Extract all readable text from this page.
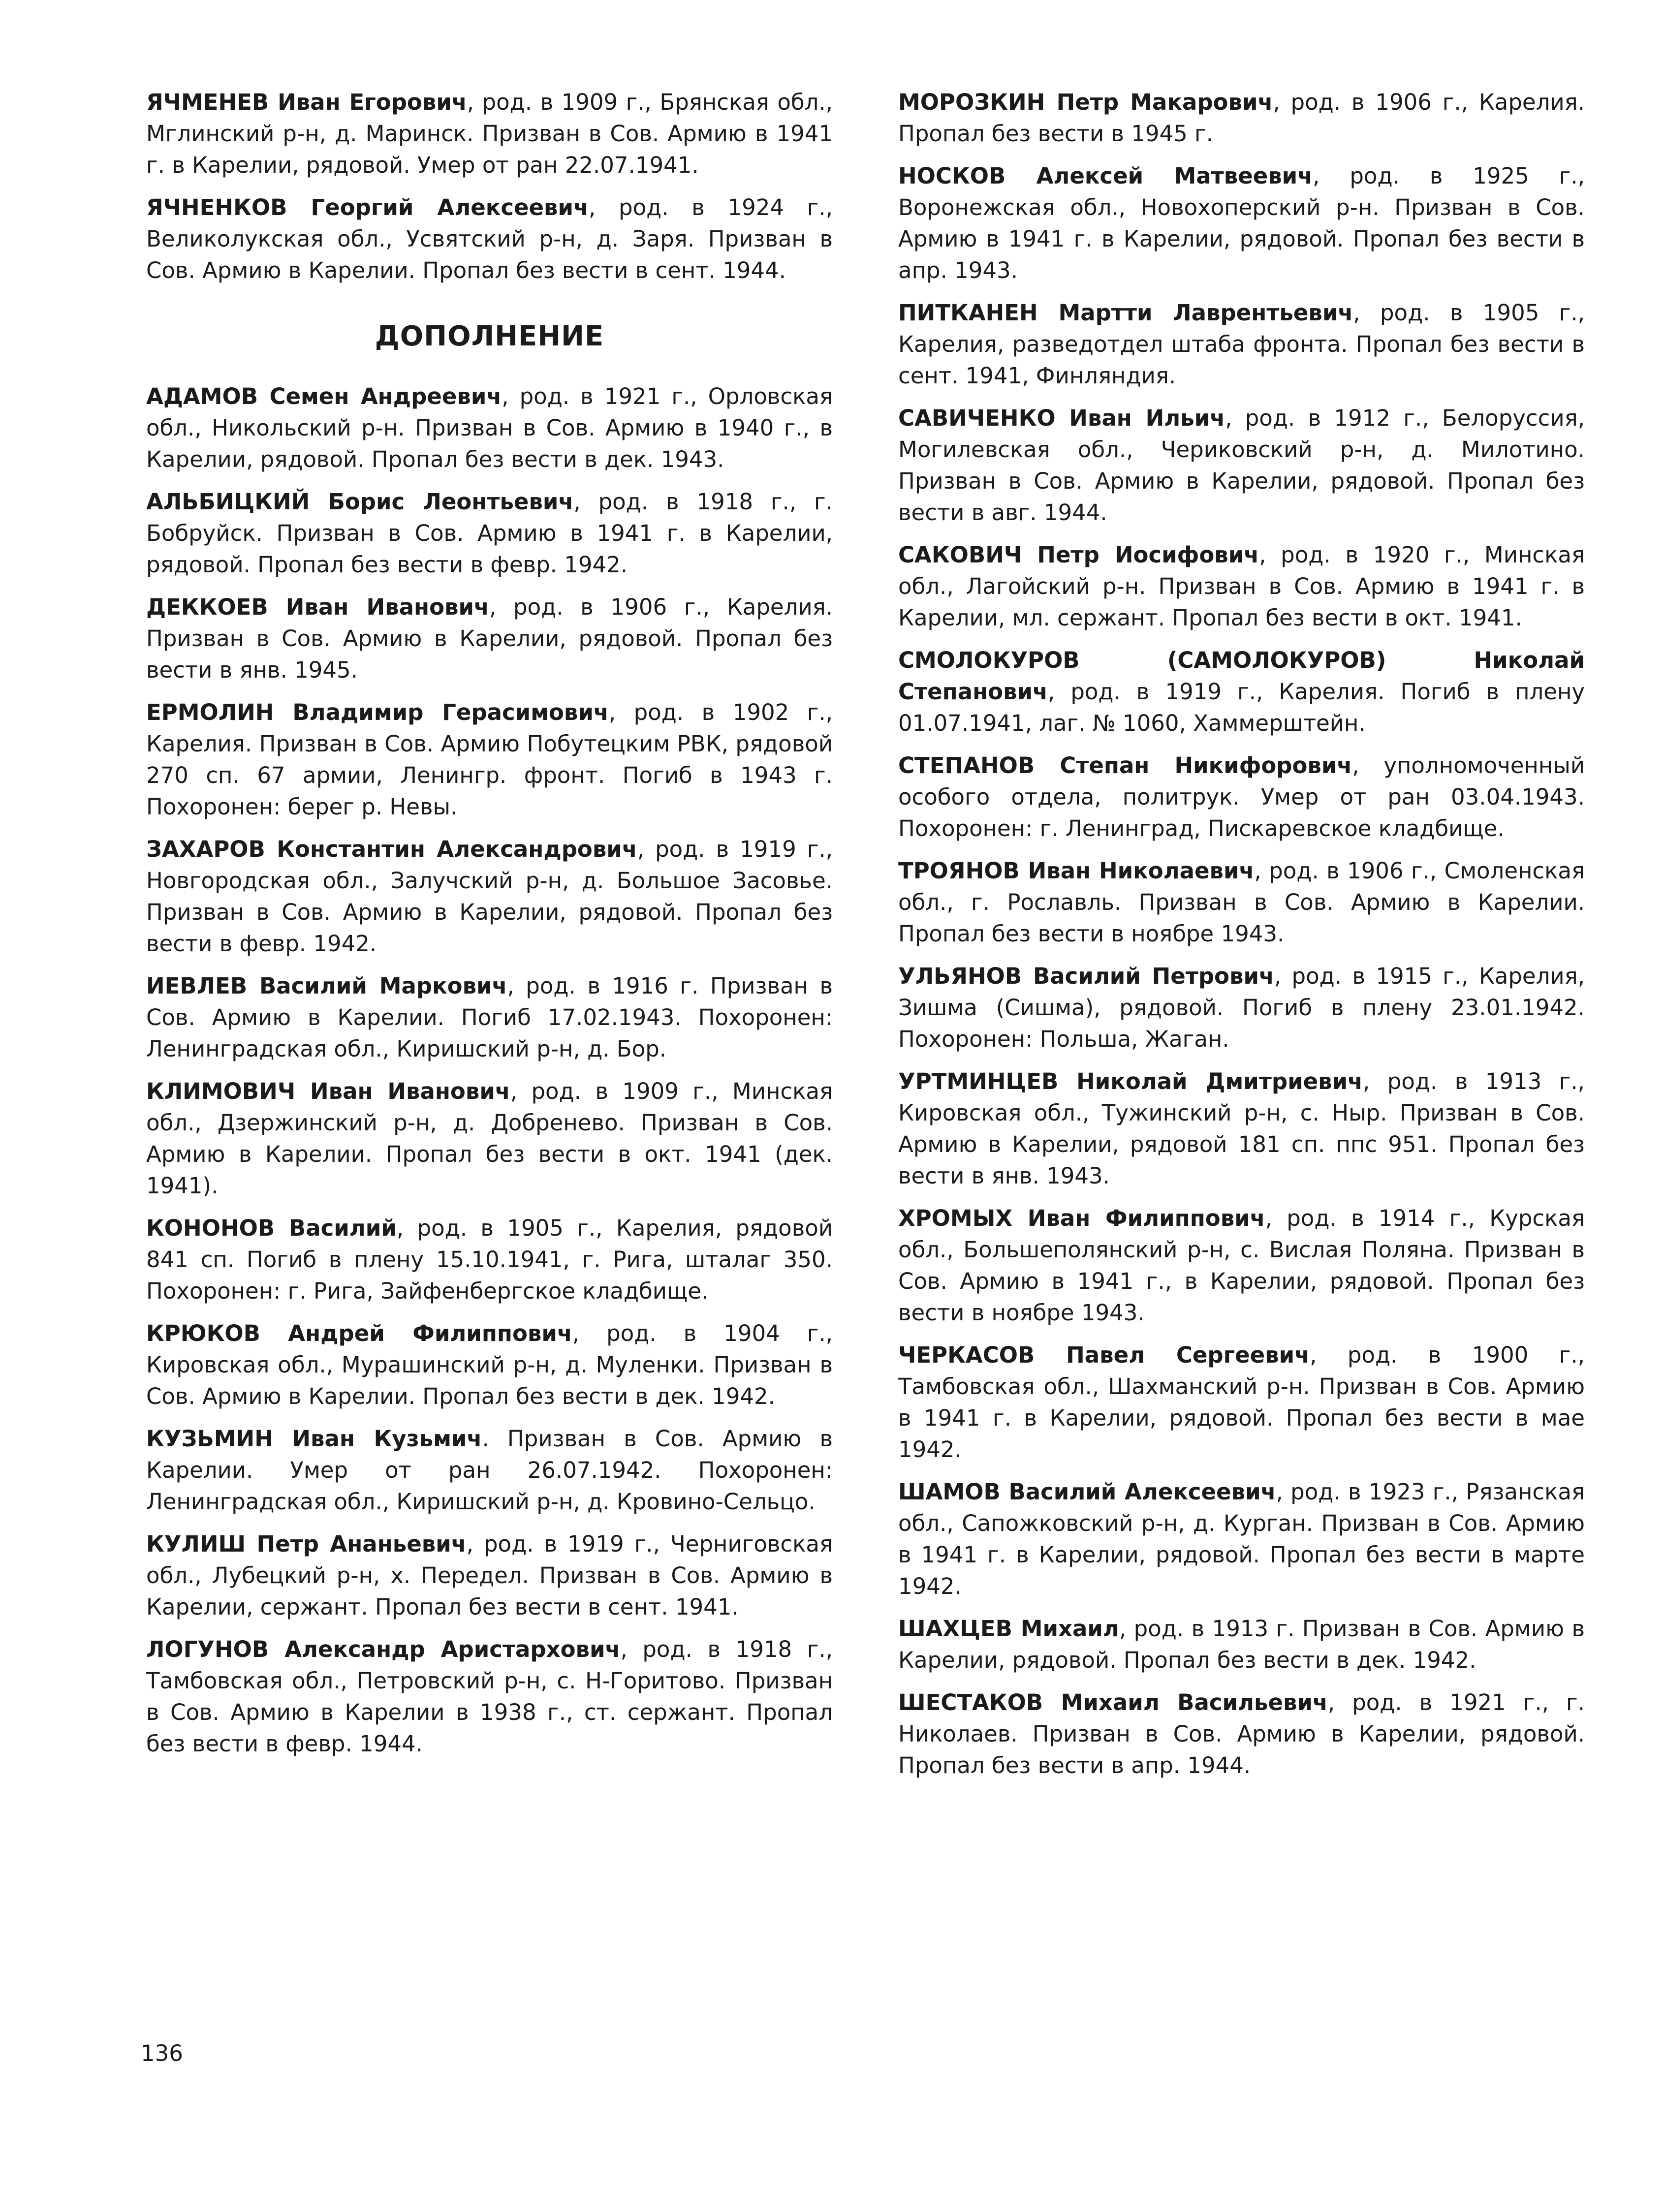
ЯЧМЕНЕВ Иван Егорович, род. в 1909 г., Брянская обл., Мглинский р-н, д. Маринск. Призван в Сов. Армию в 1941 г. в Карелии, рядовой. Умер от ран 22.07.1941.

ЯЧНЕНКОВ Георгий Алексеевич, род. в 1924 г., Великолукская обл., Усвятский р-н, д. Заря. Призван в Сов. Армию в Карелии. Пропал без вести в сент. 1944.

ДОПОЛНЕНИЕ

АДАМОВ Семен Андреевич, род. в 1921 г., Орловская обл., Никольский р-н. Призван в Сов. Армию в 1940 г., в Карелии, рядовой. Пропал без вести в дек. 1943.

АЛЬБИЦКИЙ Борис Леонтьевич, род. в 1918 г., г. Бобруйск. Призван в Сов. Армию в 1941 г. в Карелии, рядовой. Пропал без вести в февр. 1942.

ДЕККОЕВ Иван Иванович, род. в 1906 г., Карелия. Призван в Сов. Армию в Карелии, рядовой. Пропал без вести в янв. 1945.

ЕРМОЛИН Владимир Герасимович, род. в 1902 г., Карелия. Призван в Сов. Армию Побутецким РВК, рядовой 270 сп. 67 армии, Ленингр. фронт. Погиб в 1943 г. Похоронен: берег р. Невы.

ЗАХАРОВ Константин Александрович, род. в 1919 г., Новгородская обл., Залучский р-н, д. Большое Засовье. Призван в Сов. Армию в Карелии, рядовой. Пропал без вести в февр. 1942.

ИЕВЛЕВ Василий Маркович, род. в 1916 г. Призван в Сов. Армию в Карелии. Погиб 17.02.1943. Похоронен: Ленинградская обл., Киришский р-н, д. Бор.

КЛИМОВИЧ Иван Иванович, род. в 1909 г., Минская обл., Дзержинский р-н, д. Добренево. Призван в Сов. Армию в Карелии. Пропал без вести в окт. 1941 (дек. 1941).

КОНОНОВ Василий, род. в 1905 г., Карелия, рядовой 841 сп. Погиб в плену 15.10.1941, г. Рига, шталаг 350. Похоронен: г. Рига, Зайфенбергское кладбище.

КРЮКОВ Андрей Филиппович, род. в 1904 г., Кировская обл., Мурашинский р-н, д. Муленки. Призван в Сов. Армию в Карелии. Пропал без вести в дек. 1942.

КУЗЬМИН Иван Кузьмич. Призван в Сов. Армию в Карелии. Умер от ран 26.07.1942. Похоронен: Ленинградская обл., Киришский р-н, д. Кровино-Сельцо.

КУЛИШ Петр Ананьевич, род. в 1919 г., Черниговская обл., Лубецкий р-н, х. Передел. Призван в Сов. Армию в Карелии, сержант. Пропал без вести в сент. 1941.

ЛОГУНОВ Александр Аристархович, род. в 1918 г., Тамбовская обл., Петровский р-н, с. Н-Горитово. Призван в Сов. Армию в Карелии в 1938 г., ст. сержант. Пропал без вести в февр. 1944.

МОРОЗКИН Петр Макарович, род. в 1906 г., Карелия. Пропал без вести в 1945 г.

НОСКОВ Алексей Матвеевич, род. в 1925 г., Воронежская обл., Новохоперский р-н. Призван в Сов. Армию в 1941 г. в Карелии, рядовой. Пропал без вести в апр. 1943.

ПИТКАНЕН Мартти Лаврентьевич, род. в 1905 г., Карелия, разведотдел штаба фронта. Пропал без вести в сент. 1941, Финляндия.

САВИЧЕНКО Иван Ильич, род. в 1912 г., Белоруссия, Могилевская обл., Чериковский р-н, д. Милотино. Призван в Сов. Армию в Карелии, рядовой. Пропал без вести в авг. 1944.

САКОВИЧ Петр Иосифович, род. в 1920 г., Минская обл., Лагойский р-н. Призван в Сов. Армию в 1941 г. в Карелии, мл. сержант. Пропал без вести в окт. 1941.

СМОЛОКУРОВ (САМОЛОКУРОВ) Николай Степанович, род. в 1919 г., Карелия. Погиб в плену 01.07.1941, лаг. № 1060, Хаммерштейн.

СТЕПАНОВ Степан Никифорович, уполномоченный особого отдела, политрук. Умер от ран 03.04.1943. Похоронен: г. Ленинград, Пискаревское кладбище.

ТРОЯНОВ Иван Николаевич, род. в 1906 г., Смоленская обл., г. Рославль. Призван в Сов. Армию в Карелии. Пропал без вести в ноябре 1943.

УЛЬЯНОВ Василий Петрович, род. в 1915 г., Карелия, Зишма (Сишма), рядовой. Погиб в плену 23.01.1942. Похоронен: Польша, Жаган.

УРТМИНЦЕВ Николай Дмитриевич, род. в 1913 г., Кировская обл., Тужинский р-н, с. Ныр. Призван в Сов. Армию в Карелии, рядовой 181 сп. ппс 951. Пропал без вести в янв. 1943.

ХРОМЫХ Иван Филиппович, род. в 1914 г., Курская обл., Большеполянский р-н, с. Вислая Поляна. Призван в Сов. Армию в 1941 г., в Карелии, рядовой. Пропал без вести в ноябре 1943.

ЧЕРКАСОВ Павел Сергеевич, род. в 1900 г., Тамбовская обл., Шахманский р-н. Призван в Сов. Армию в 1941 г. в Карелии, рядовой. Пропал без вести в мае 1942.

ШАМОВ Василий Алексеевич, род. в 1923 г., Рязанская обл., Сапожковский р-н, д. Курган. Призван в Сов. Армию в 1941 г. в Карелии, рядовой. Пропал без вести в марте 1942.

ШАХЦЕВ Михаил, род. в 1913 г. Призван в Сов. Армию в Карелии, рядовой. Пропал без вести в дек. 1942.

ШЕСТАКОВ Михаил Васильевич, род. в 1921 г., г. Николаев. Призван в Сов. Армию в Карелии, рядовой. Пропал без вести в апр. 1944.

136
